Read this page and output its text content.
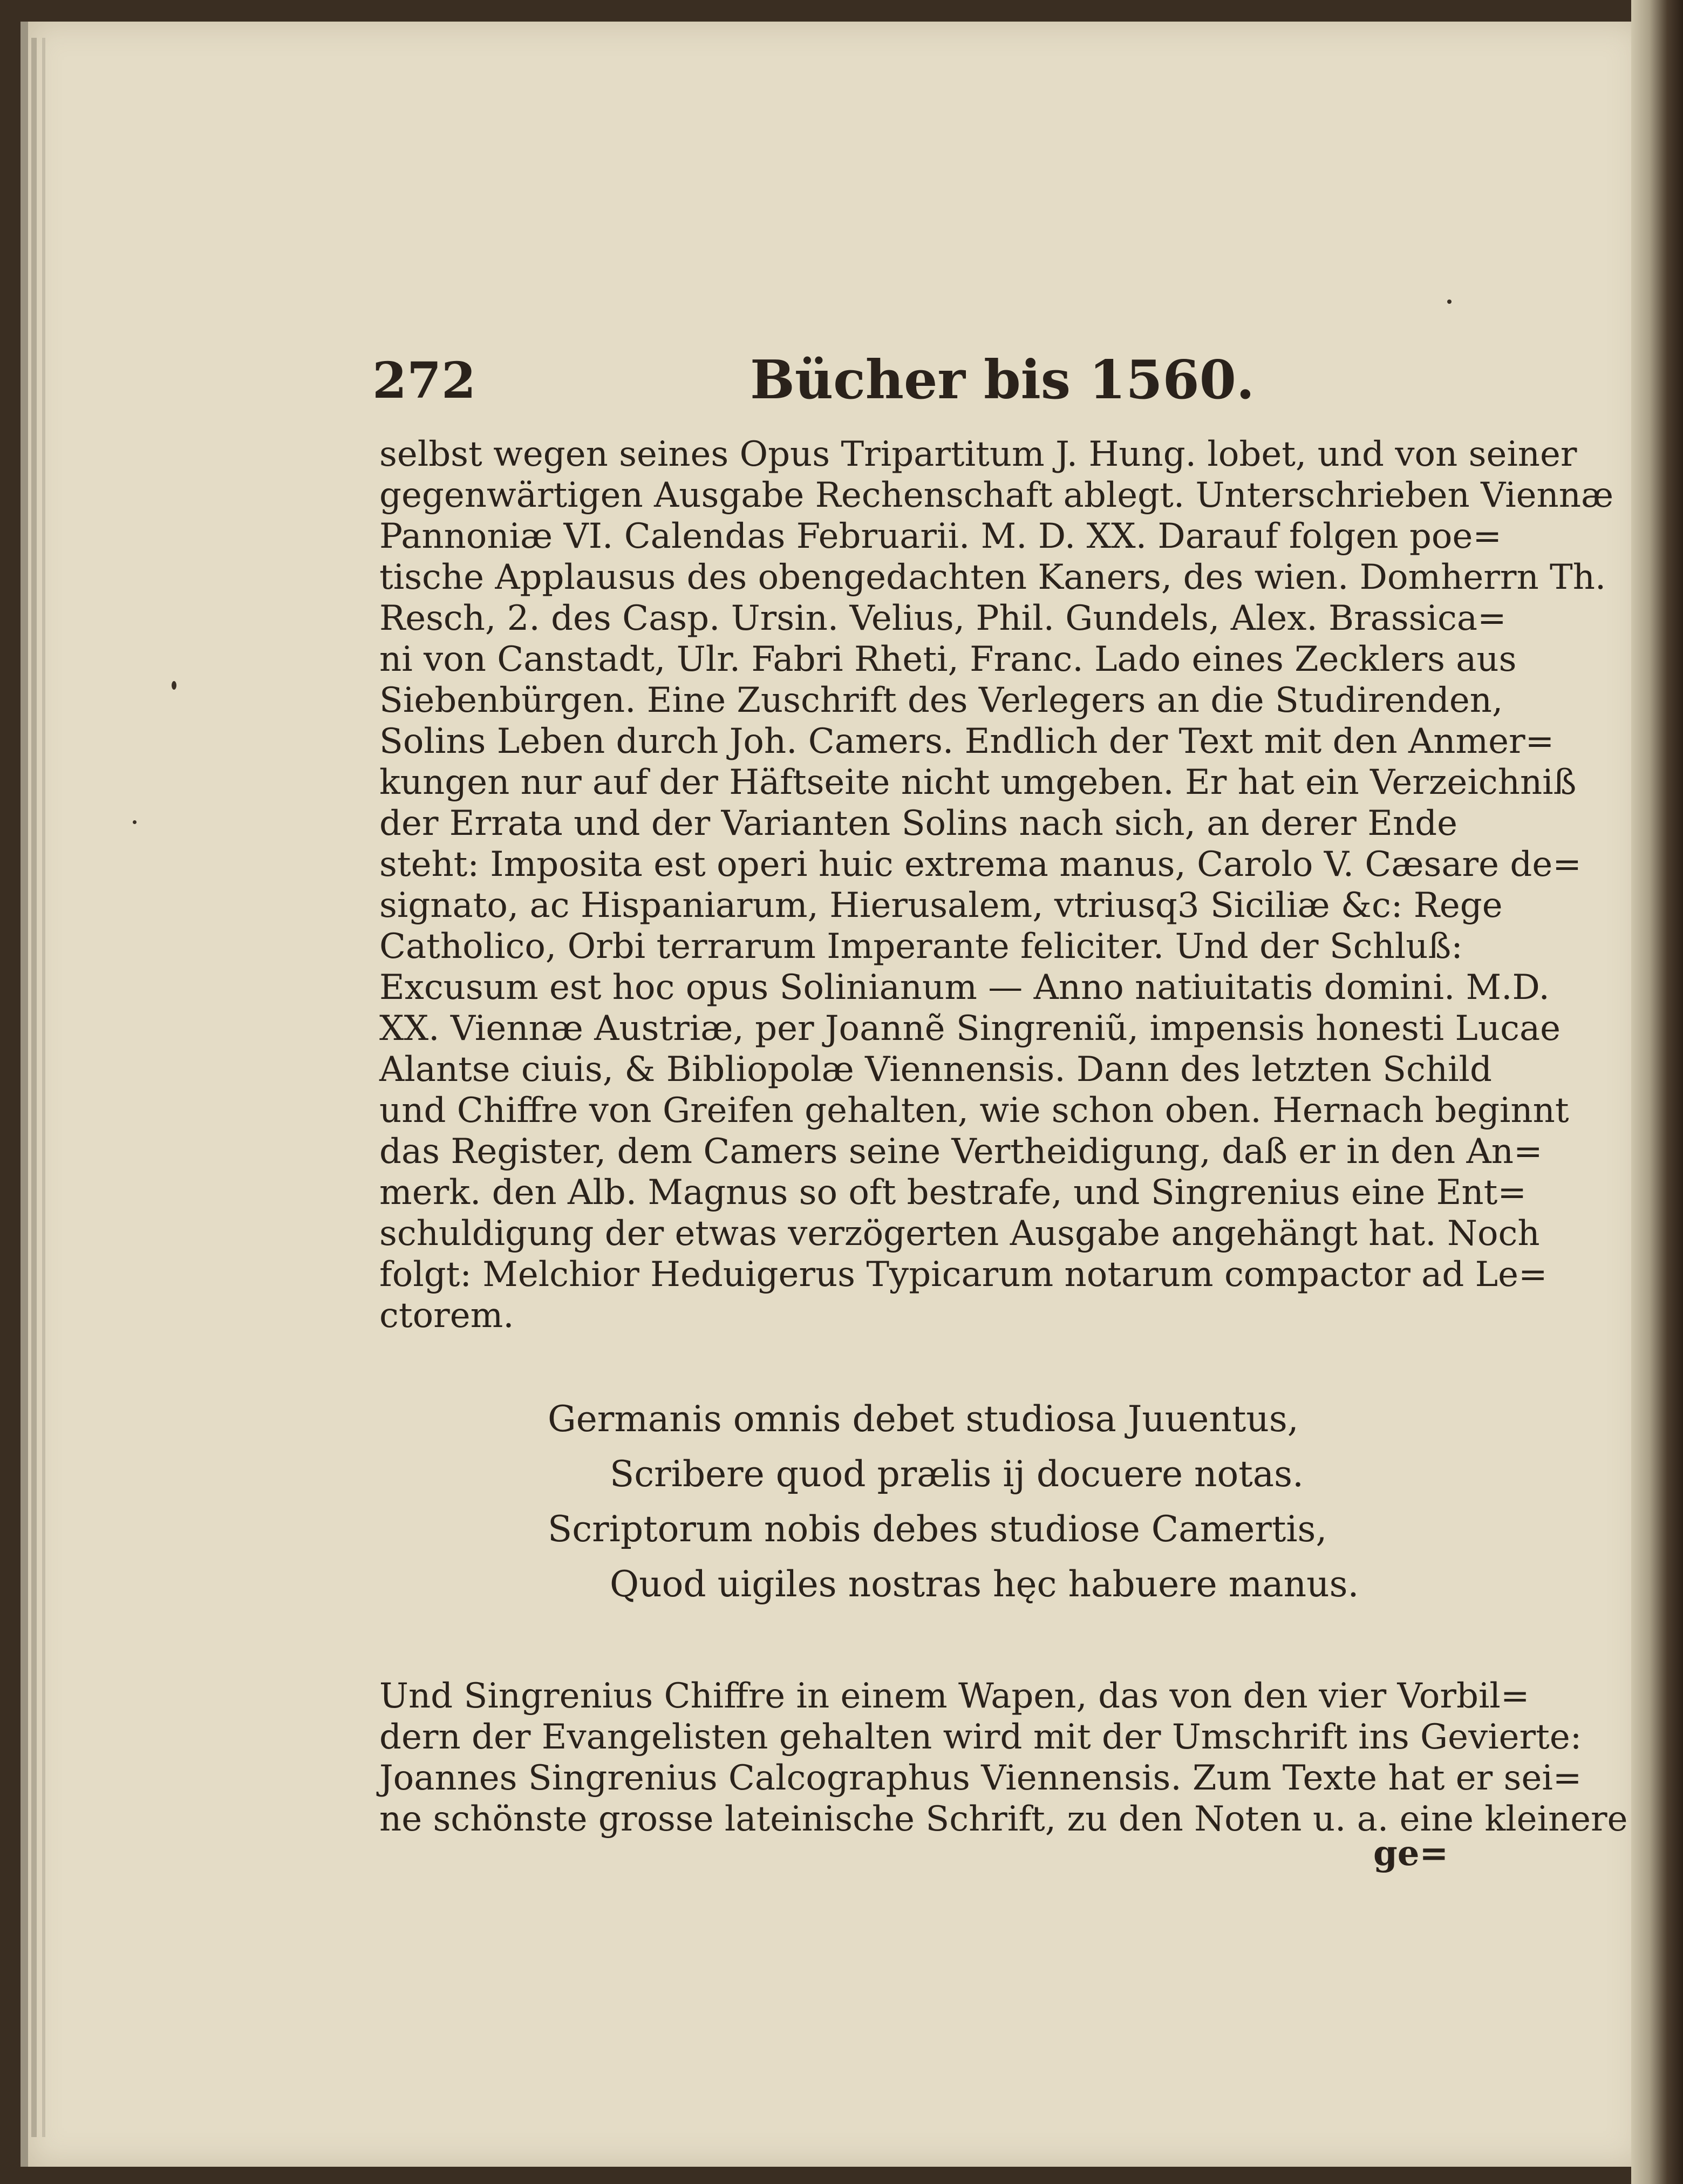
272	Bücher bis 1560.
selbst wegen seines Opus Tripartitum J. Hung. lobet, und von seiner
gegenwärtigen Ausgabe Rechenschaft ablegt. Unterschrieben Viennæ
Pannoniæ VI. Calendas Februarii. M. D. XX. Darauf folgen poe=
tische Applausus des obengedachten Kaners, des wien. Domherrn Th.
Resch, 2. des Casp. Ursin. Velius, Phil. Gundels, Alex. Brassica=
ni von Canstadt, Ulr. Fabri Rheti, Franc. Lado eines Zecklers aus
Siebenbürgen. Eine Zuschrift des Verlegers an die Studirenden,
Solins Leben durch Joh. Camers. Endlich der Text mit den Anmer=
kungen nur auf der Häftseite nicht umgeben. Er hat ein Verzeichniß
der Errata und der Varianten Solins nach sich, an derer Ende
steht: Imposita est operi huic extrema manus, Carolo V. Cæsare de=
signato, ac Hispaniarum, Hierusalem, vtriusq3 Siciliæ &c: Rege
Catholico, Orbi terrarum Imperante feliciter. Und der Schluß:
Excusum est hoc opus Solinianum — Anno natiuitatis domini. M.D.
XX. Viennæ Austriæ, per Joannẽ Singreniũ, impensis honesti Lucae
Alantse ciuis, & Bibliopolæ Viennensis. Dann des letzten Schild
und Chiffre von Greifen gehalten, wie schon oben. Hernach beginnt
das Register, dem Camers seine Vertheidigung, daß er in den An=
merk. den Alb. Magnus so oft bestrafe, und Singrenius eine Ent=
schuldigung der etwas verzögerten Ausgabe angehängt hat. Noch
folgt: Melchior Heduigerus Typicarum notarum compactor ad Le=
ctorem.
Germanis omnis debet studiosa Juuentus,
Scribere quod prælis ij docuere notas.
Scriptorum nobis debes studiose Camertis,
Quod uigiles nostras hęc habuere manus.
Und Singrenius Chiffre in einem Wapen, das von den vier Vorbil=
dern der Evangelisten gehalten wird mit der Umschrift ins Gevierte:
Joannes Singrenius Calcographus Viennensis. Zum Texte hat er sei=
ne schönste grosse lateinische Schrift, zu den Noten u. a. eine kleinere
ge=
